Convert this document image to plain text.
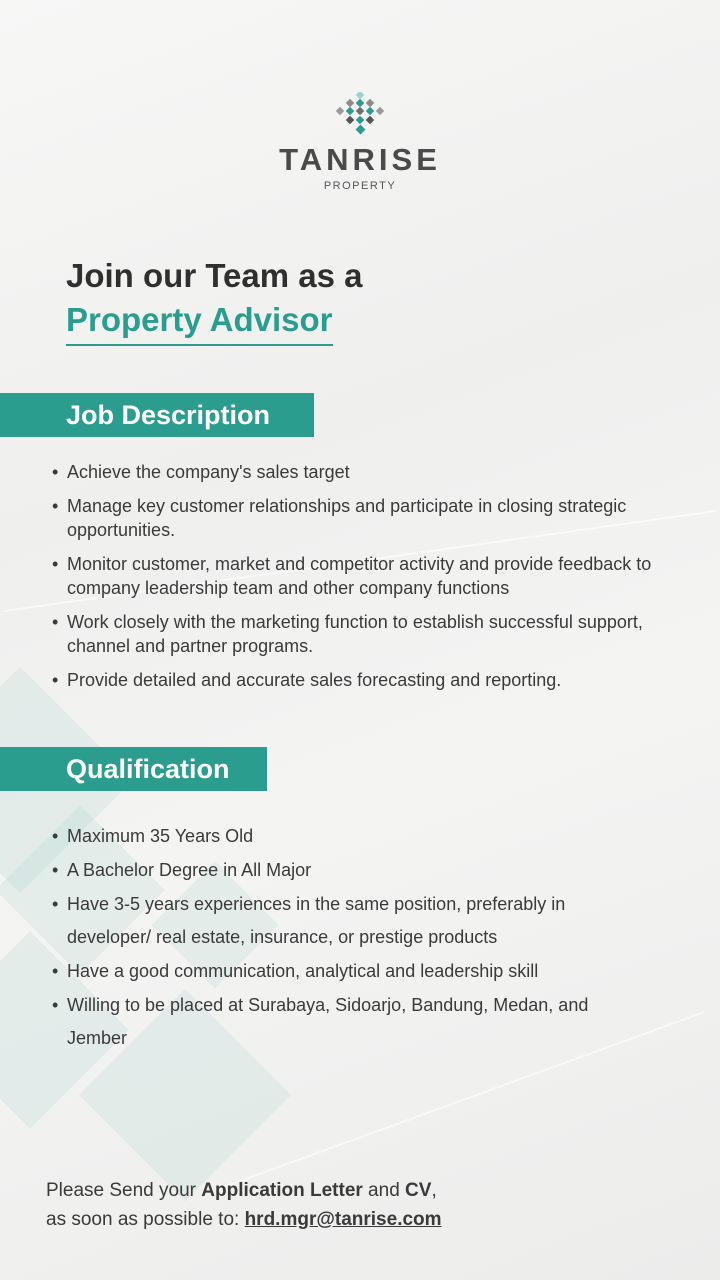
TANRISE
PROPERTY
Join our Team as a
Property Advisor
Job Description
• Achieve the company's sales target
• Manage key customer relationships and participate in closing strategic opportunities.
• Monitor customer, market and competitor activity and provide feedback to company leadership team and other company functions
• Work closely with the marketing function to establish successful support, channel and partner programs.
• Provide detailed and accurate sales forecasting and reporting.
Qualification
• Maximum 35 Years Old
• A Bachelor Degree in All Major
• Have 3-5 years experiences in the same position, preferably in developer/ real estate, insurance, or prestige products
• Have a good communication, analytical and leadership skill
• Willing to be placed at Surabaya, Sidoarjo, Bandung, Medan, and Jember
Please Send your Application Letter and CV,
as soon as possible to: hrd.mgr@tanrise.com
